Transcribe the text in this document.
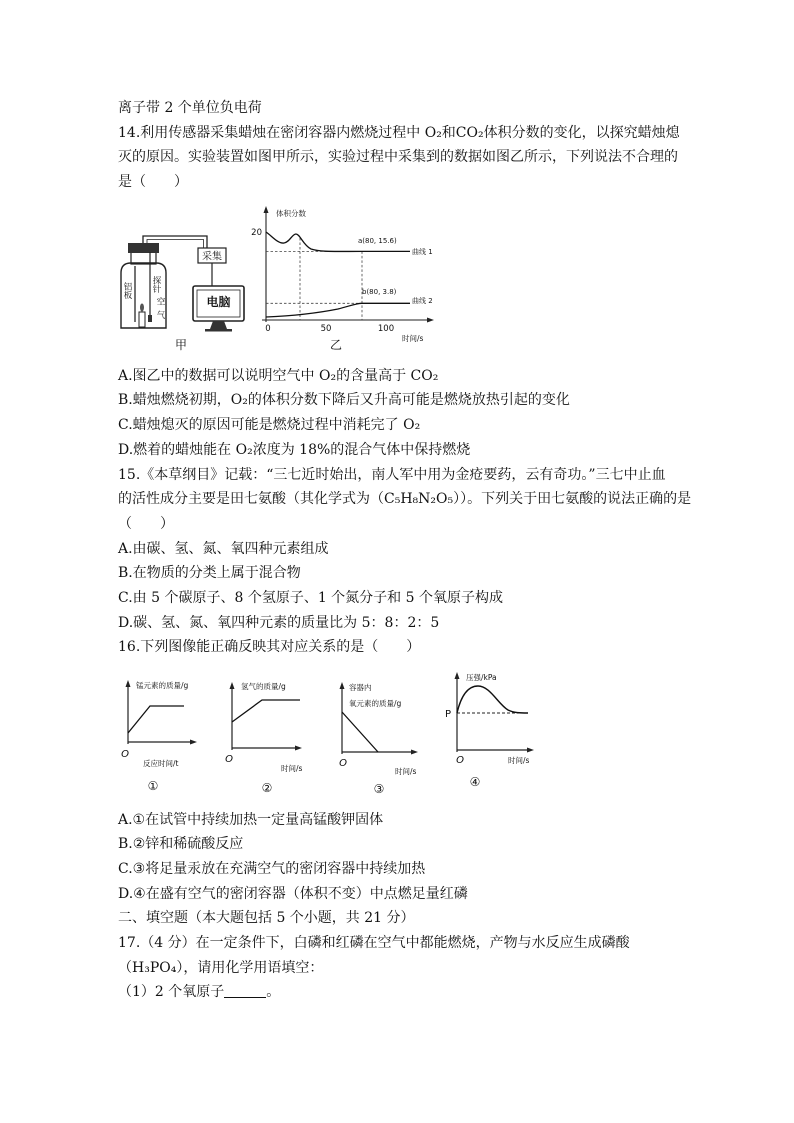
离子带 2 个单位负电荷
14.利用传感器采集蜡烛在密闭容器内燃烧过程中 O₂和CO₂体积分数的变化，以探究蜡烛熄
灭的原因。实验装置如图甲所示，实验过程中采集到的数据如图乙所示，下列说法不合理的
是（　　）
采集
铝板 探针
空气	电脑
甲
体积分数
20
0	50	100
时间/s
a(80, 15.6)
b(80, 3.8)
曲线 1
曲线 2
乙
A.图乙中的数据可以说明空气中 O₂的含量高于 CO₂
B.蜡烛燃烧初期，O₂的体积分数下降后又升高可能是燃烧放热引起的变化
C.蜡烛熄灭的原因可能是燃烧过程中消耗完了 O₂
D.燃着的蜡烛能在 O₂浓度为 18%的混合气体中保持燃烧
15.《本草纲目》记载：“三七近时始出，南人军中用为金疮要药，云有奇功。”三七中止血
的活性成分主要是田七氨酸（其化学式为（C₅H₈N₂O₅））。下列关于田七氨酸的说法正确的是
（　　）
A.由碳、氢、氮、氧四种元素组成
B.在物质的分类上属于混合物
C.由 5 个碳原子、8 个氢原子、1 个氮分子和 5 个氧原子构成
D.碳、氢、氮、氧四种元素的质量比为 5：8：2：5
16.下列图像能正确反映其对应关系的是（　　）
锰元素的质量/g
O
反应时间/t
①
氢气的质量/g
O
时间/s
②
容器内
氧元素的质量/g
O
时间/s
③
压强/kPa
P
O	时间/s
④
A.①在试管中持续加热一定量高锰酸钾固体
B.②锌和稀硫酸反应
C.③将足量汞放在充满空气的密闭容器中持续加热
D.④在盛有空气的密闭容器（体积不变）中点燃足量红磷
二、填空题（本大题包括 5 个小题，共 21 分）
17.（4 分）在一定条件下，白磷和红磷在空气中都能燃烧，产物与水反应生成磷酸
（H₃PO₄），请用化学用语填空：
（1）2 个氧原子	。
